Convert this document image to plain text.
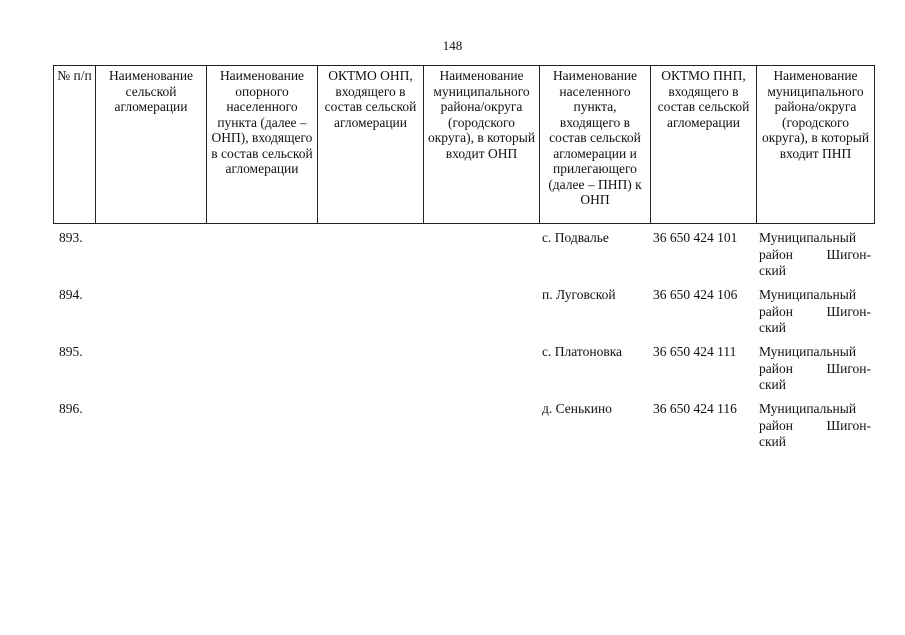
148
№ п/п	Наименование сельской агломерации	Наименование опорного населенного пункта (далее – ОНП), входящего в состав сельской агломерации	ОКТМО ОНП, входящего в состав сельской агломерации	Наименование муниципального района/округа (городского округа), в который входит ОНП	Наименование населенного пункта, входящего в состав сельской агломерации и прилегающего (далее – ПНП) к ОНП	ОКТМО ПНП, входящего в состав сельской агломерации	Наименование муниципального района/округа (городского округа), в который входит ПНП
893.					с. Подвалье	36 650 424 101	Муниципальный
район Шигон-
ский

894.					п. Луговской	36 650 424 106	Муниципальный
район Шигон-
ский

895.					с. Платоновка	36 650 424 111	Муниципальный
район Шигон-
ский

896.					д. Сенькино	36 650 424 116	Муниципальный
район Шигон-
ский
